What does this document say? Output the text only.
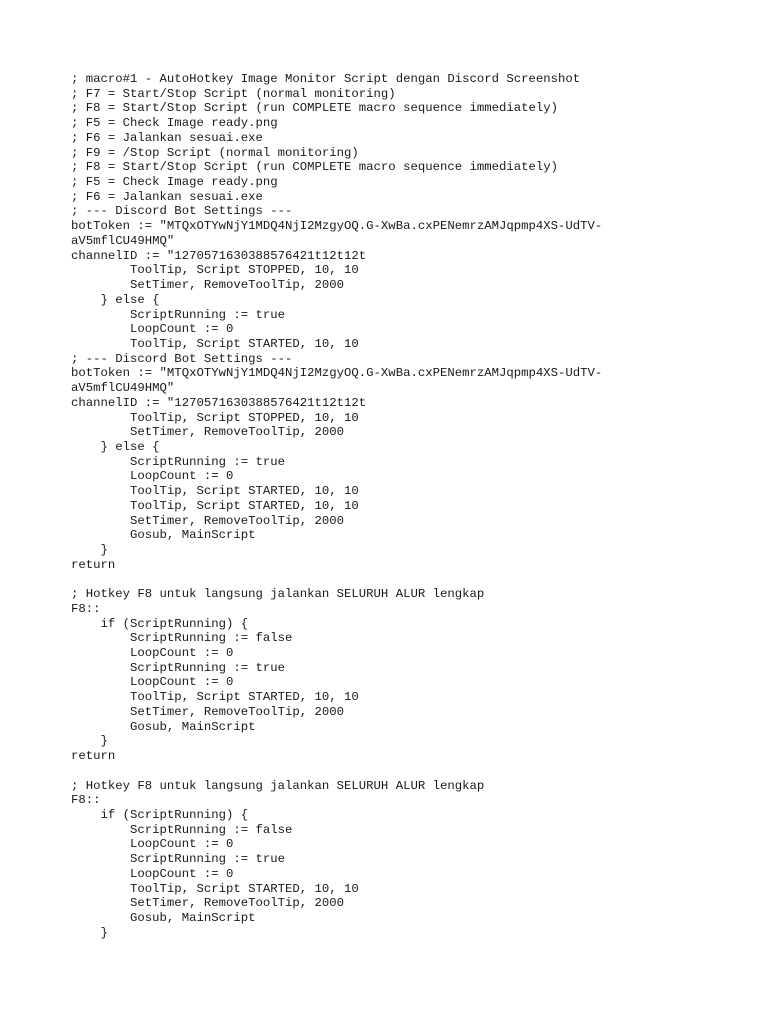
; macro#1 - AutoHotkey Image Monitor Script dengan Discord Screenshot
; F7 = Start/Stop Script (normal monitoring)
; F8 = Start/Stop Script (run COMPLETE macro sequence immediately)
; F5 = Check Image ready.png
; F6 = Jalankan sesuai.exe
; F9 = /Stop Script (normal monitoring)
; F8 = Start/Stop Script (run COMPLETE macro sequence immediately)
; F5 = Check Image ready.png
; F6 = Jalankan sesuai.exe
; --- Discord Bot Settings ---
botToken := "MTQxOTYwNjY1MDQ4NjI2MzgyOQ.G-XwBa.cxPENemrzAMJqpmp4XS-UdTV-
aV5mflCU49HMQ"
channelID := "1270571630388576421t12t12t
ToolTip, Script STOPPED, 10, 10
SetTimer, RemoveToolTip, 2000
} else {
ScriptRunning := true
LoopCount := 0
ToolTip, Script STARTED, 10, 10
; --- Discord Bot Settings ---
botToken := "MTQxOTYwNjY1MDQ4NjI2MzgyOQ.G-XwBa.cxPENemrzAMJqpmp4XS-UdTV-
aV5mflCU49HMQ"
channelID := "1270571630388576421t12t12t
ToolTip, Script STOPPED, 10, 10
SetTimer, RemoveToolTip, 2000
} else {
ScriptRunning := true
LoopCount := 0
ToolTip, Script STARTED, 10, 10
ToolTip, Script STARTED, 10, 10
SetTimer, RemoveToolTip, 2000
Gosub, MainScript
}
return
; Hotkey F8 untuk langsung jalankan SELURUH ALUR lengkap
F8::
if (ScriptRunning) {
ScriptRunning := false
LoopCount := 0
ScriptRunning := true
LoopCount := 0
ToolTip, Script STARTED, 10, 10
SetTimer, RemoveToolTip, 2000
Gosub, MainScript
}
return
; Hotkey F8 untuk langsung jalankan SELURUH ALUR lengkap
F8::
if (ScriptRunning) {
ScriptRunning := false
LoopCount := 0
ScriptRunning := true
LoopCount := 0
ToolTip, Script STARTED, 10, 10
SetTimer, RemoveToolTip, 2000
Gosub, MainScript
}
